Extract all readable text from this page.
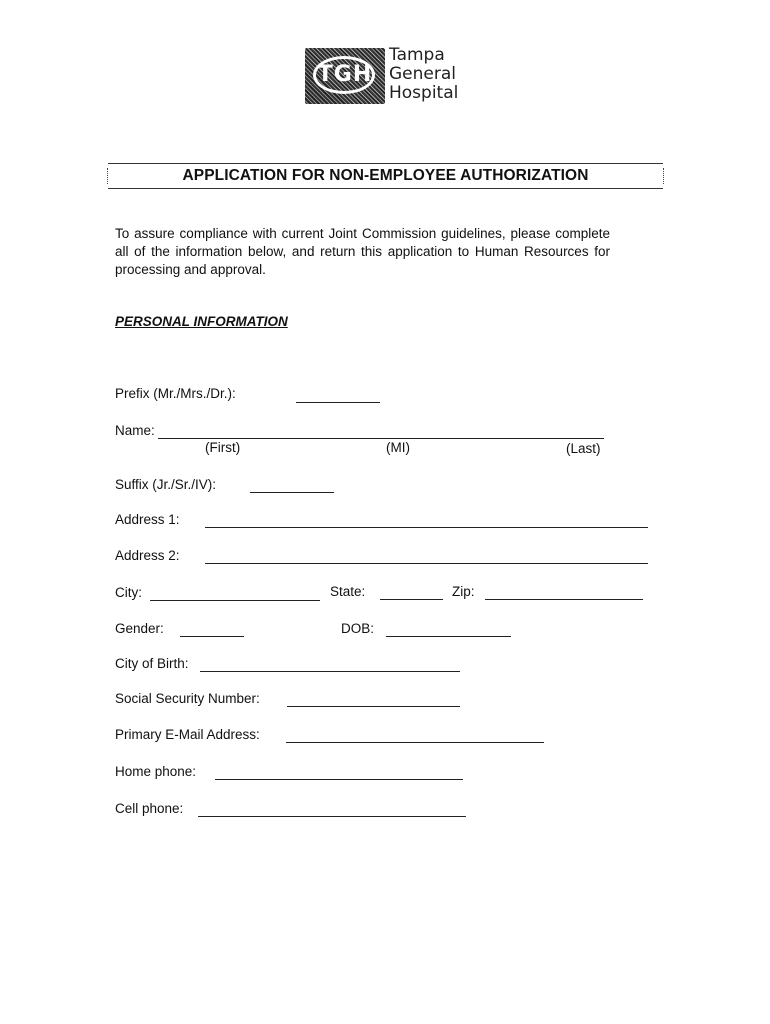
TGH
Tampa
General
Hospital
APPLICATION FOR NON-EMPLOYEE AUTHORIZATION

To assure compliance with current Joint Commission guidelines, please complete all of the information below, and return this application to Human Resources for processing and approval.

PERSONAL INFORMATION

Prefix (Mr./Mrs./Dr.):
Name:
(First)	(MI)	(Last)
Suffix (Jr./Sr./IV):
Address 1:
Address 2:
City:	State:	Zip:
Gender:	DOB:
City of Birth:
Social Security Number:
Primary E-Mail Address:
Home phone:
Cell phone:
